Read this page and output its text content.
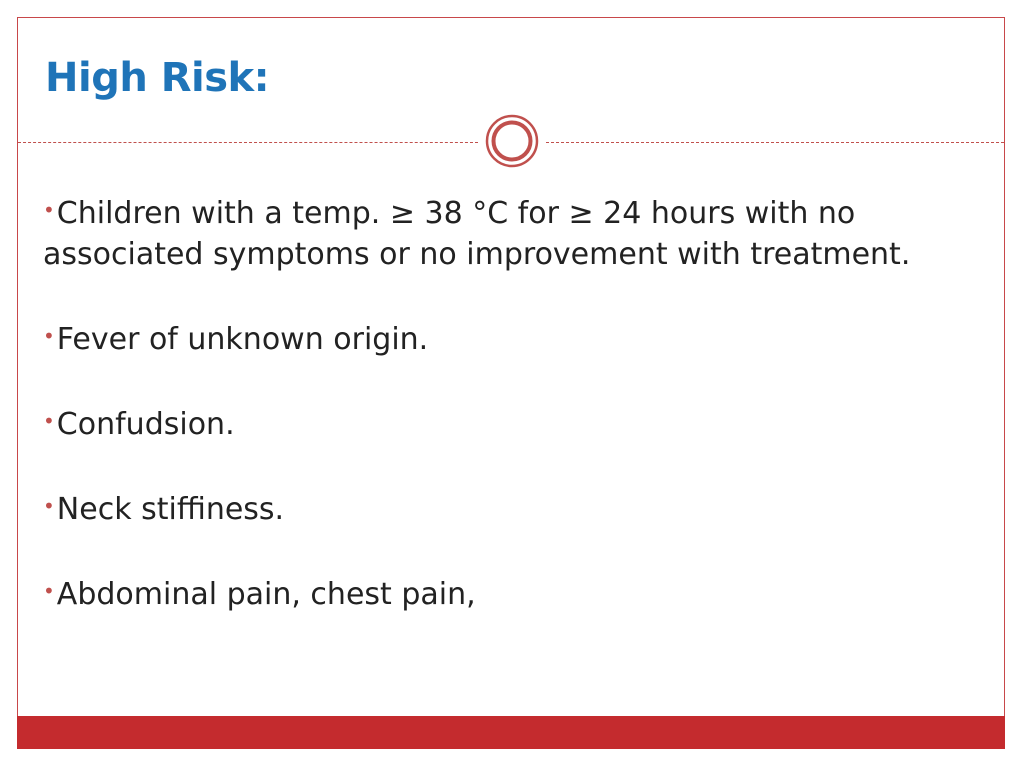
High Risk:
•Children with a temp. ≥ 38 °C for ≥ 24 hours with no associated symptoms or no improvement with treatment.
•Fever of unknown origin.
•Confudsion.
•Neck stiffiness.
•Abdominal pain, chest pain,
